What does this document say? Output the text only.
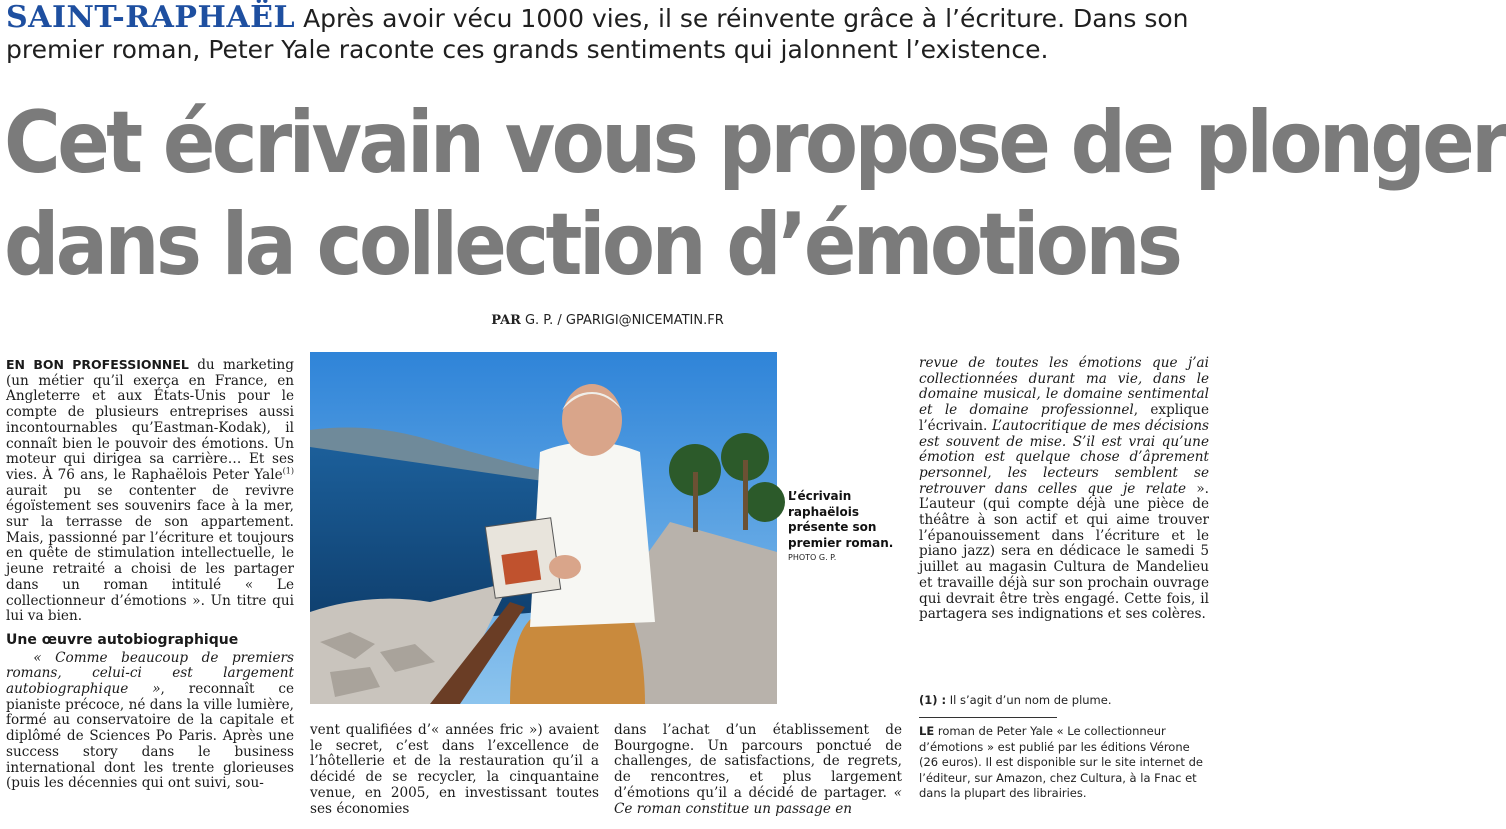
SAINT-RAPHAËL Après avoir vécu 1000 vies, il se réinvente grâce à l’écriture. Dans son premier roman, Peter Yale raconte ces grands sentiments qui jalonnent l’existence.
Cet écrivain vous propose de plonger
dans la collection d’émotions
PAR G. P. / GPARIGI@NICEMATIN.FR

EN BON PROFESSIONNEL du marketing (un métier qu’il exerça en France, en Angleterre et aux États-Unis pour le compte de plusieurs entreprises aussi incontournables qu’Eastman-Kodak), il connaît bien le pouvoir des émotions. Un moteur qui dirigea sa carrière… Et ses vies. À 76 ans, le Raphaëlois Peter Yale$^{(1)}$ aurait pu se contenter de revivre égoïstement ses souvenirs face à la mer, sur la terrasse de son appartement. Mais, passionné par l’écriture et toujours en quête de stimulation intellectuelle, le jeune retraité a choisi de les partager dans un roman intitulé « Le collectionneur d’émotions ». Un titre qui lui va bien.

Une œuvre autobiographique

« Comme beaucoup de premiers romans, celui-ci est largement autobiographique », reconnaît ce pianiste précoce, né dans la ville lumière, formé au conservatoire de la capitale et diplômé de Sciences Po Paris. Après une success story dans le business international dont les trente glorieuses (puis les décennies qui ont suivi, sou-

L’écrivain raphaëlois présente son premier roman.
PHOTO G. P.

vent qualifiées d’« années fric ») avaient le secret, c’est dans l’excellence de l’hôtellerie et de la restauration qu’il a décidé de se recycler, la cinquantaine venue, en 2005, en investissant toutes ses économies

dans l’achat d’un établissement de Bourgogne. Un parcours ponctué de challenges, de satisfactions, de regrets, de rencontres, et plus largement d’émotions qu’il a décidé de partager. « Ce roman constitue un passage en

revue de toutes les émotions que j’ai collectionnées durant ma vie, dans le domaine musical, le domaine sentimental et le domaine professionnel, explique l’écrivain. L’autocritique de mes décisions est souvent de mise. S’il est vrai qu’une émotion est quelque chose d’âprement personnel, les lecteurs semblent se retrouver dans celles que je relate ». L’auteur (qui compte déjà une pièce de théâtre à son actif et qui aime trouver l’épanouissement dans l’écriture et le piano jazz) sera en dédicace le samedi 5 juillet au magasin Cultura de Mandelieu et travaille déjà sur son prochain ouvrage qui devrait être très engagé. Cette fois, il partagera ses indignations et ses colères.

(1) : Il s’agit d’un nom de plume.
LE roman de Peter Yale « Le collectionneur d’émotions » est publié par les éditions Vérone (26 euros). Il est disponible sur le site internet de l’éditeur, sur Amazon, chez Cultura, à la Fnac et dans la plupart des librairies.
